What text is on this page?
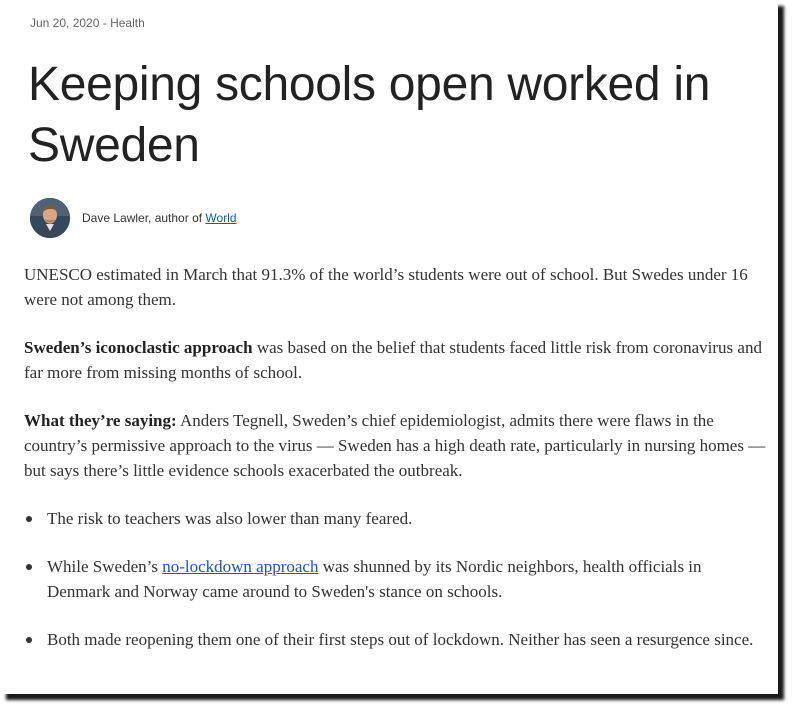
Jun 20, 2020 - Health
Keeping schools open worked in Sweden
Dave Lawler, author of World

UNESCO estimated in March that 91.3% of the world’s students were out of school. But Swedes under 16 were not among them.

Sweden’s iconoclastic approach was based on the belief that students faced little risk from coronavirus and far more from missing months of school.

What they’re saying: Anders Tegnell, Sweden’s chief epidemiologist, admits there were flaws in the country’s permissive approach to the virus — Sweden has a high death rate, particularly in nursing homes — but says there’s little evidence schools exacerbated the outbreak.

The risk to teachers was also lower than many feared.
While Sweden’s no-lockdown approach was shunned by its Nordic neighbors, health officials in Denmark and Norway came around to Sweden's stance on schools.
Both made reopening them one of their first steps out of lockdown. Neither has seen a resurgence since.
